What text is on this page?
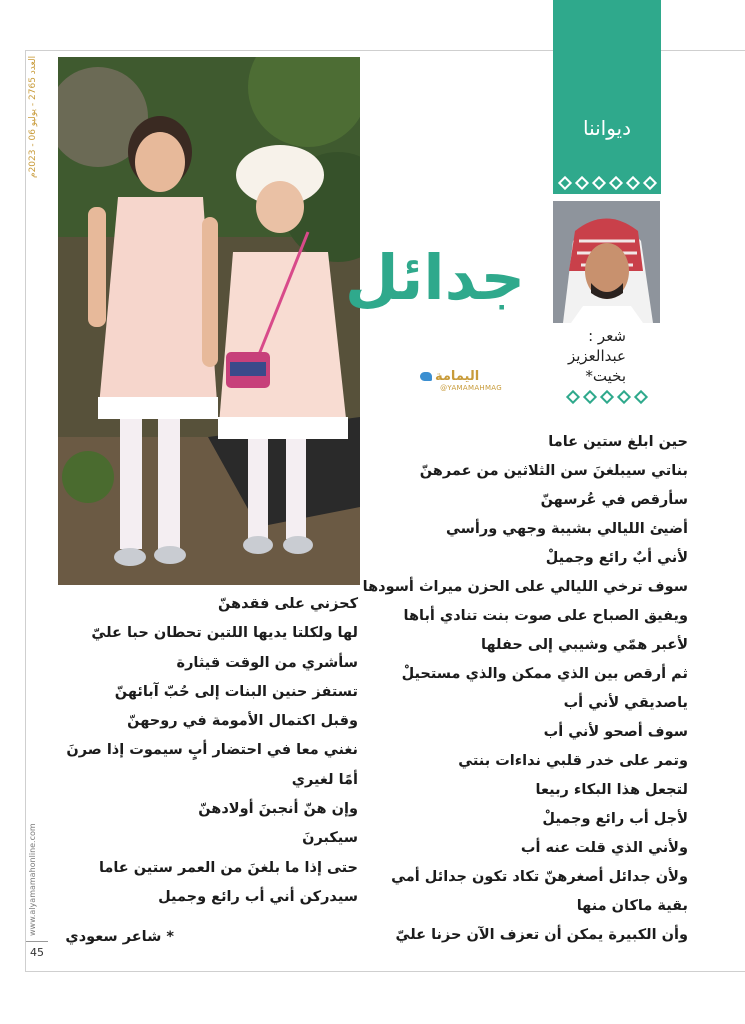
العدد 2765 - يوليو 06 - 2023م
www.alyamamahonline.com
45
ديواننا
شعر :
عبدالعزيز
بخيت*
جدائل
اليمامة
@YAMAMAHMAG
حين ابلغ ستين عاما
بناتي سيبلغنَ سن الثلاثين من عمرهنّ
سأرقص في عُرسهنّ
أضيئ الليالي بشيبة وجهي ورأسي
لأني أبٌ رائع وجميلْ
سوف ترخي الليالي على الحزن ميراث أسودها
ويفيق الصباح على صوت بنت تنادي أباها
لأعبر همّي وشيبي إلى حفلها
ثم أرقص بين الذي ممكن والذي مستحيلْ
ياصديقي لأني أب
سوف أصحو لأني أب
وتمر على خدر قلبي نداءات بنتي
لتجعل هذا البكاء ربيعا
لأجل أب رائع وجميلْ
ولأني الذي قلت عنه أب
ولأن جدائل أصغرهنّ تكاد تكون جدائل أمي
بقية ماكان منها
وأن الكبيرة يمكن أن تعزف الآن حزنا عليّ
كحزني على فقدهنّ
لها ولكلتا يديها اللتين تحطان حبا عليّ
سأشري من الوقت قيثارة
تستفز حنين البنات إلى حُبّ آبائهنّ
وقبل اكتمال الأمومة في روحهنّ
نغني معا في احتضار أبٍ سيموت إذا صرنَ
أمًا لغيري
وإن هنّ أنجبنَ أولادهنّ
سيكبرنَ
حتى إذا ما بلغنَ من العمر ستين عاما
سيدركن أني أب رائع وجميل
* شاعر سعودي
